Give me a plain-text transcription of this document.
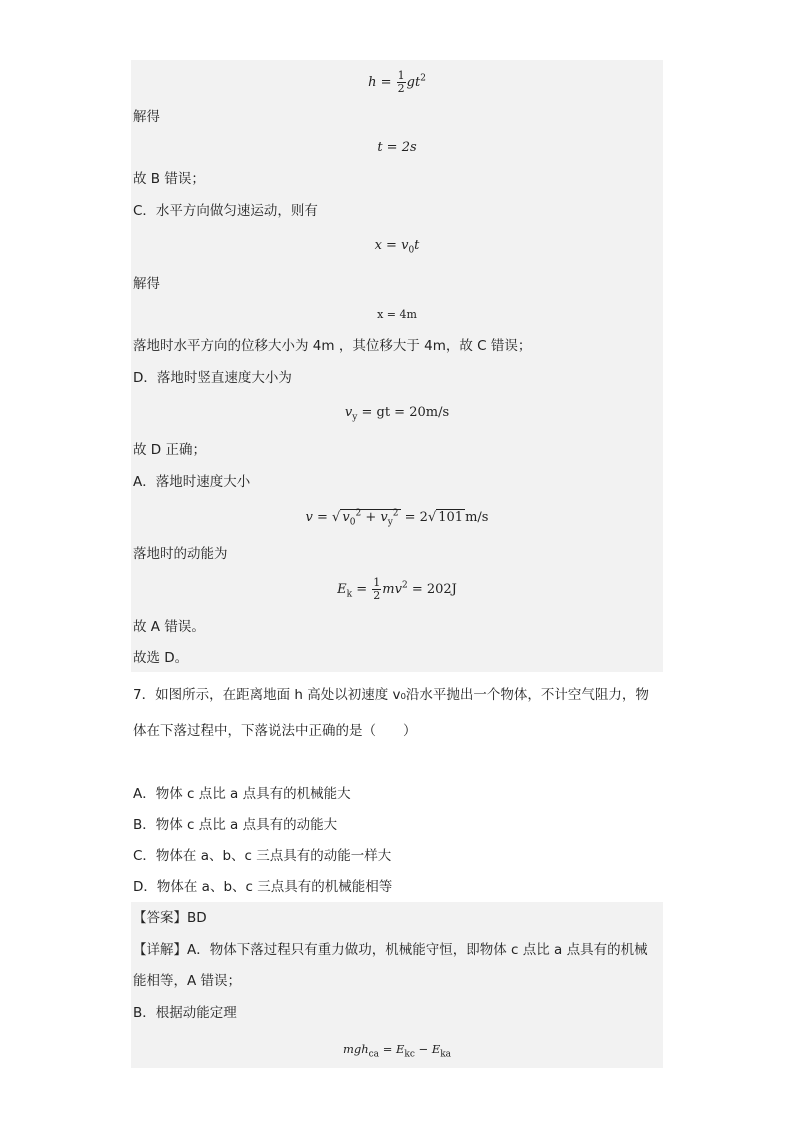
$h = \frac{1}{2} gt^2$
解得
t = 2s
故 B 错误；
C．水平方向做匀速运动，则有
$x = v_0t$
解得
x = 4m
落地时水平方向的位移大小为 4m ，其位移大于 4m，故 C 错误；
D．落地时竖直速度大小为
$v_y$ = gt = 20m/s
故 D 正确；
A．落地时速度大小
v = √ $v_0^2 + v_y^2 = 2√$ 101 m/s
落地时的动能为
$E_k = \frac{1}{2} mv^2 = 202J$
故 A 错误。
故选 D。
7．如图所示，在距离地面 h 高处以初速度 v₀沿水平抛出一个物体，不计空气阻力，物
体在下落过程中，下落说法中正确的是（　　）
A．物体 c 点比 a 点具有的机械能大
B．物体 c 点比 a 点具有的动能大
C．物体在 a、b、c 三点具有的动能一样大
D．物体在 a、b、c 三点具有的机械能相等
【答案】BD
【详解】A．物体下落过程只有重力做功，机械能守恒，即物体 c 点比 a 点具有的机械
能相等，A 错误；
B．根据动能定理
$mgh_{ca} = E_{kc} - E_{ka}$
